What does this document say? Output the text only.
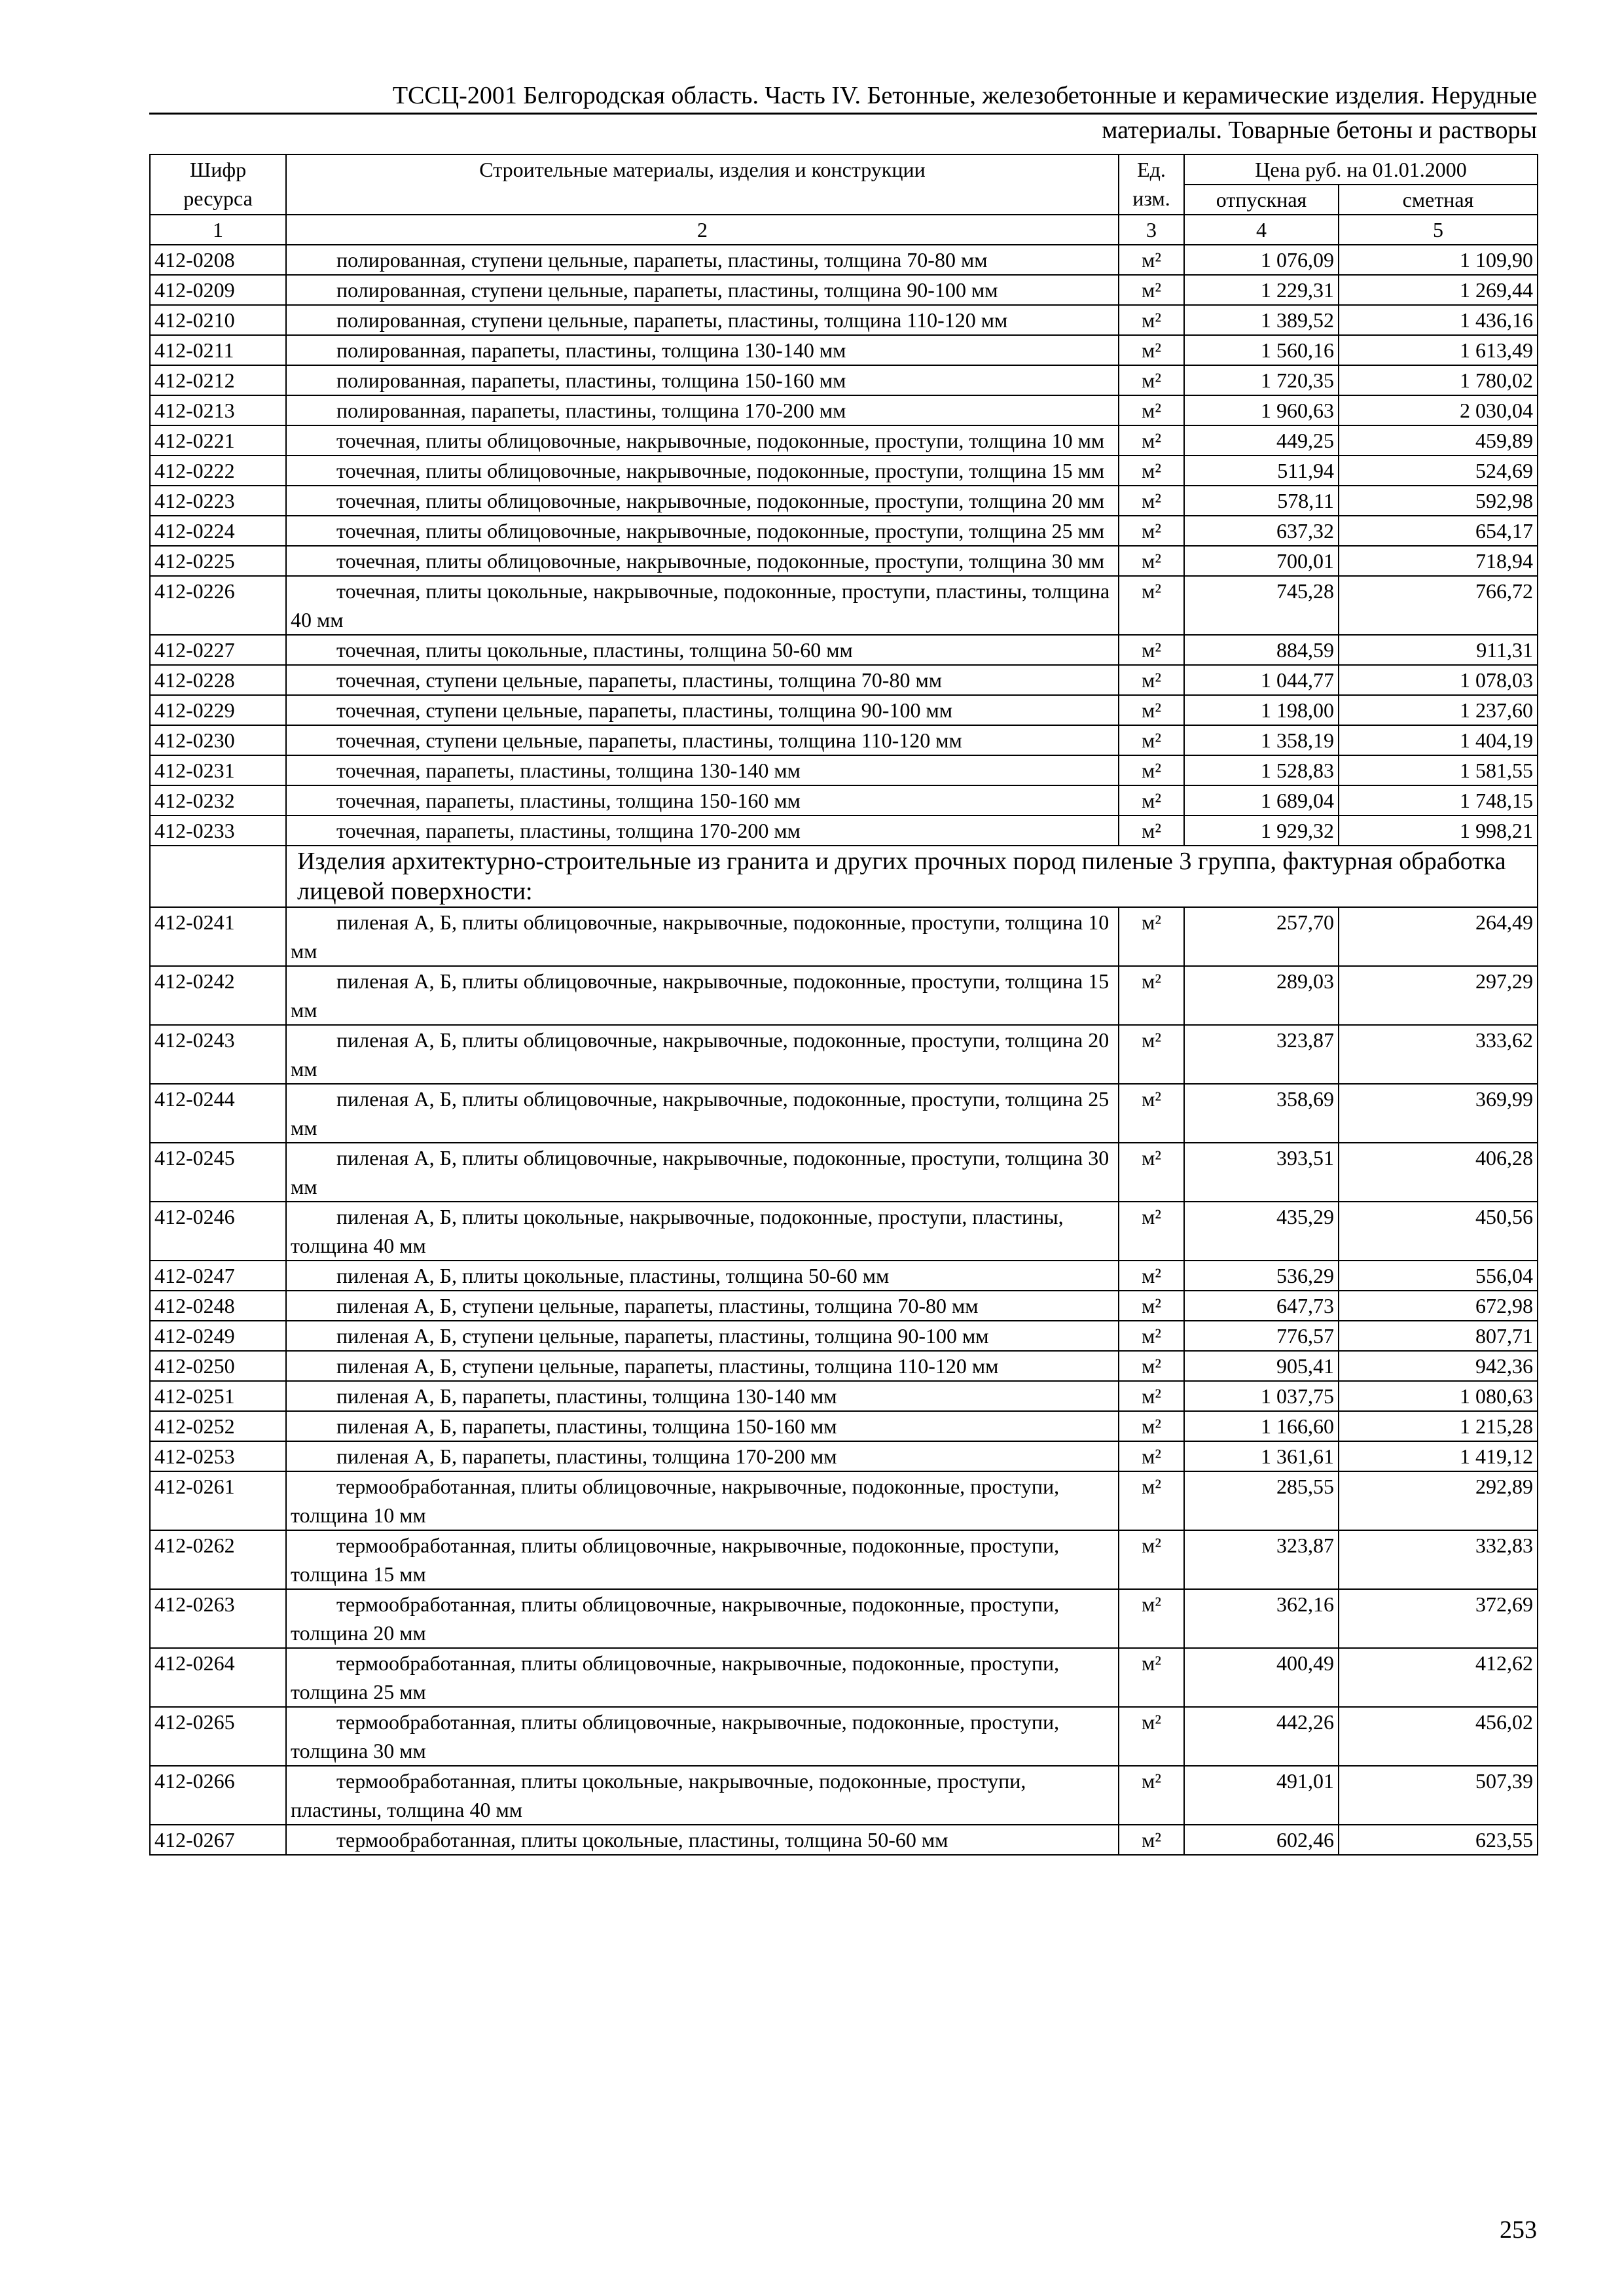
ТССЦ-2001 Белгородская область. Часть IV. Бетонные, железобетонные и керамические изделия. Нерудные
материалы. Товарные бетоны и растворы
Шифр ресурса	Строительные материалы, изделия и конструкции	Ед. изм.	Цена руб. на 01.01.2000	
			отпускная	сметная
1	2	3	4	5
412-0208	полированная, ступени цельные, парапеты, пластины, толщина 70-80 мм	м²	1 076,09	1 109,90
412-0209	полированная, ступени цельные, парапеты, пластины, толщина 90-100 мм	м²	1 229,31	1 269,44
412-0210	полированная, ступени цельные, парапеты, пластины, толщина 110-120 мм	м²	1 389,52	1 436,16
412-0211	полированная, парапеты, пластины, толщина 130-140 мм	м²	1 560,16	1 613,49
412-0212	полированная, парапеты, пластины, толщина 150-160 мм	м²	1 720,35	1 780,02
412-0213	полированная, парапеты, пластины, толщина 170-200 мм	м²	1 960,63	2 030,04
412-0221	точечная, плиты облицовочные, накрывочные, подоконные, проступи, толщина 10 мм	м²	449,25	459,89
412-0222	точечная, плиты облицовочные, накрывочные, подоконные, проступи, толщина 15 мм	м²	511,94	524,69
412-0223	точечная, плиты облицовочные, накрывочные, подоконные, проступи, толщина 20 мм	м²	578,11	592,98
412-0224	точечная, плиты облицовочные, накрывочные, подоконные, проступи, толщина 25 мм	м²	637,32	654,17
412-0225	точечная, плиты облицовочные, накрывочные, подоконные, проступи, толщина 30 мм	м²	700,01	718,94
412-0226	точечная, плиты цокольные, накрывочные, подоконные, проступи, пластины, толщина 40 мм	м²	745,28	766,72
412-0227	точечная, плиты цокольные, пластины, толщина 50-60 мм	м²	884,59	911,31
412-0228	точечная, ступени цельные, парапеты, пластины, толщина 70-80 мм	м²	1 044,77	1 078,03
412-0229	точечная, ступени цельные, парапеты, пластины, толщина 90-100 мм	м²	1 198,00	1 237,60
412-0230	точечная, ступени цельные, парапеты, пластины, толщина 110-120 мм	м²	1 358,19	1 404,19
412-0231	точечная, парапеты, пластины, толщина 130-140 мм	м²	1 528,83	1 581,55
412-0232	точечная, парапеты, пластины, толщина 150-160 мм	м²	1 689,04	1 748,15
412-0233	точечная, парапеты, пластины, толщина 170-200 мм	м²	1 929,32	1 998,21
	Изделия архитектурно-строительные из гранита и других прочных пород пиленые 3 группа, фактурная обработка лицевой поверхности:			
412-0241	пиленая А, Б, плиты облицовочные, накрывочные, подоконные, проступи, толщина 10 мм	м²	257,70	264,49
412-0242	пиленая А, Б, плиты облицовочные, накрывочные, подоконные, проступи, толщина 15 мм	м²	289,03	297,29
412-0243	пиленая А, Б, плиты облицовочные, накрывочные, подоконные, проступи, толщина 20 мм	м²	323,87	333,62
412-0244	пиленая А, Б, плиты облицовочные, накрывочные, подоконные, проступи, толщина 25 мм	м²	358,69	369,99
412-0245	пиленая А, Б, плиты облицовочные, накрывочные, подоконные, проступи, толщина 30 мм	м²	393,51	406,28
412-0246	пиленая А, Б, плиты цокольные, накрывочные, подоконные, проступи, пластины, толщина 40 мм	м²	435,29	450,56
412-0247	пиленая А, Б, плиты цокольные, пластины, толщина 50-60 мм	м²	536,29	556,04
412-0248	пиленая А, Б, ступени цельные, парапеты, пластины, толщина 70-80 мм	м²	647,73	672,98
412-0249	пиленая А, Б, ступени цельные, парапеты, пластины, толщина 90-100 мм	м²	776,57	807,71
412-0250	пиленая А, Б, ступени цельные, парапеты, пластины, толщина 110-120 мм	м²	905,41	942,36
412-0251	пиленая А, Б, парапеты, пластины, толщина 130-140 мм	м²	1 037,75	1 080,63
412-0252	пиленая А, Б, парапеты, пластины, толщина 150-160 мм	м²	1 166,60	1 215,28
412-0253	пиленая А, Б, парапеты, пластины, толщина 170-200 мм	м²	1 361,61	1 419,12
412-0261	термообработанная, плиты облицовочные, накрывочные, подоконные, проступи, толщина 10 мм	м²	285,55	292,89
412-0262	термообработанная, плиты облицовочные, накрывочные, подоконные, проступи, толщина 15 мм	м²	323,87	332,83
412-0263	термообработанная, плиты облицовочные, накрывочные, подоконные, проступи, толщина 20 мм	м²	362,16	372,69
412-0264	термообработанная, плиты облицовочные, накрывочные, подоконные, проступи, толщина 25 мм	м²	400,49	412,62
412-0265	термообработанная, плиты облицовочные, накрывочные, подоконные, проступи, толщина 30 мм	м²	442,26	456,02
412-0266	термообработанная, плиты цокольные, накрывочные, подоконные, проступи, пластины, толщина 40 мм	м²	491,01	507,39
412-0267	термообработанная, плиты цокольные, пластины, толщина 50-60 мм	м²	602,46	623,55
253
